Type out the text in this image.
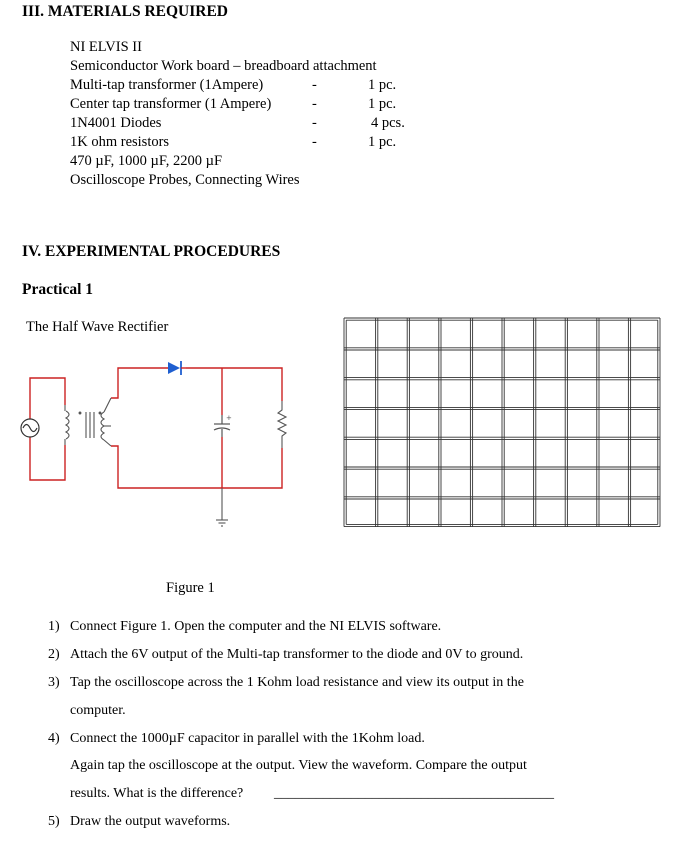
III. MATERIALS REQUIRED
NI ELVIS II
Semiconductor Work board – breadboard attachment
Multi-tap transformer (1Ampere)	-	1 pc.
Center tap transformer (1 Ampere)	-	1 pc.
1N4001 Diodes	-	4 pcs.
1K ohm resistors	-	1 pc.
470 µF, 1000 µF, 2200 µF
Oscilloscope Probes, Connecting Wires
IV. EXPERIMENTAL PROCEDURES
Practical 1
The Half Wave Rectifier
+
Figure 1
1) Connect Figure 1. Open the computer and the NI ELVIS software.
2) Attach the 6V output of the Multi-tap transformer to the diode and 0V to ground.
3) Tap the oscilloscope across the 1 Kohm load resistance and view its output in the
computer.
4) Connect the 1000µF capacitor in parallel with the 1Kohm load.
Again tap the oscilloscope at the output. View the waveform. Compare the output
results. What is the difference? ________________________________________
5) Draw the output waveforms.
